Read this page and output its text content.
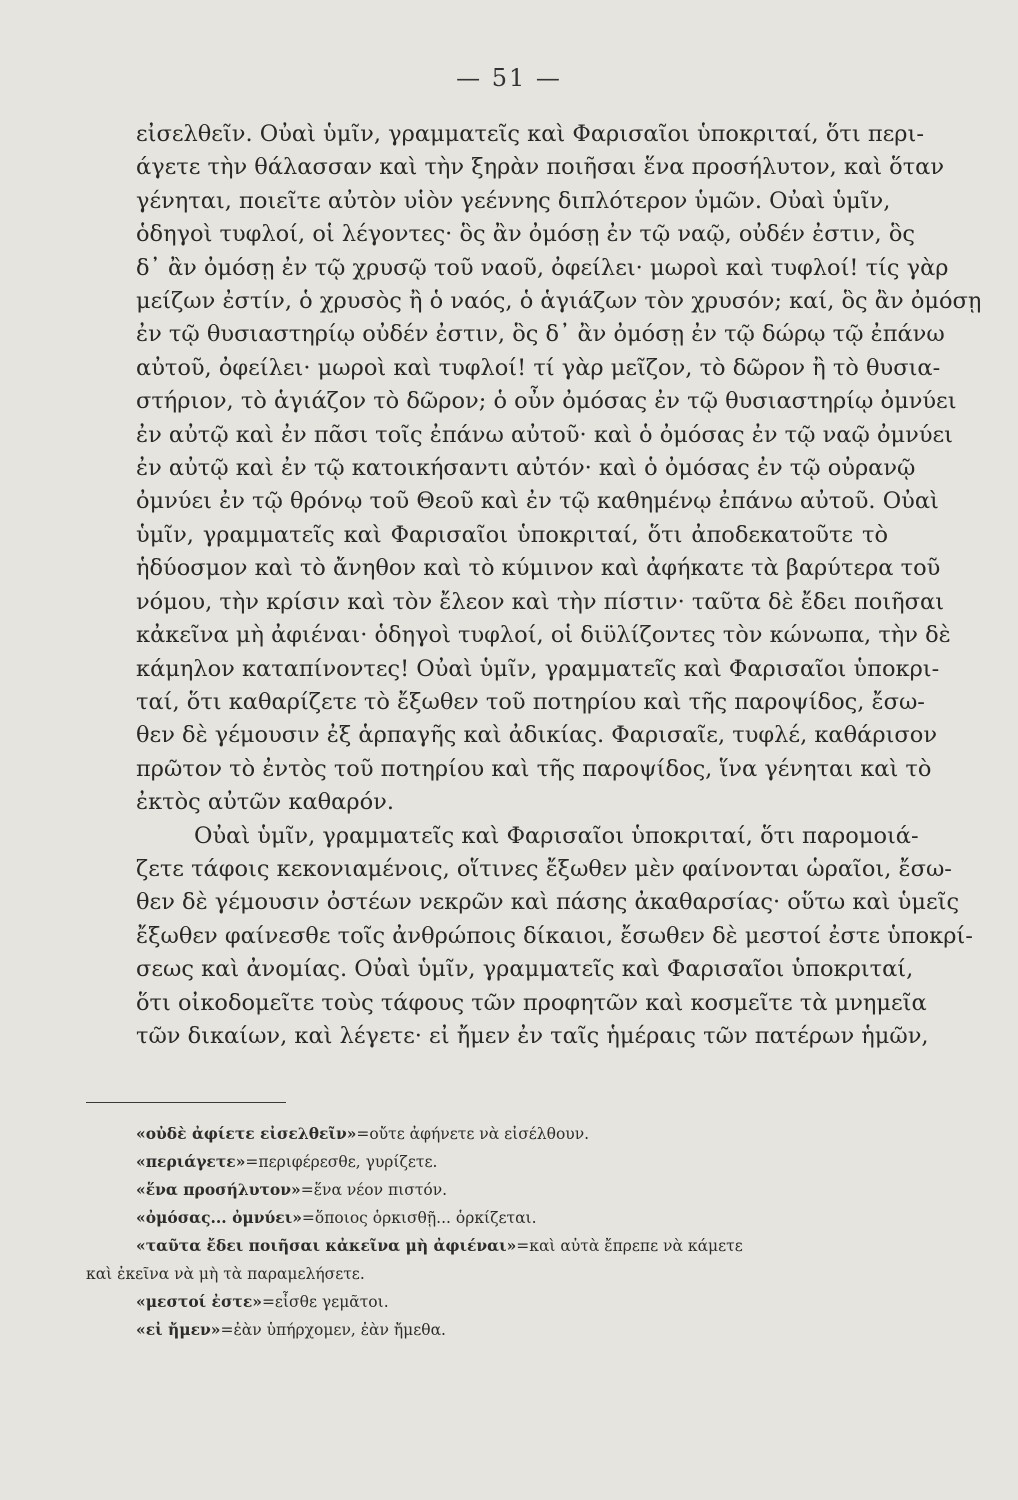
— 51 —
εἰσελθεῖν. Οὐαὶ ὑμῖν, γραμματεῖς καὶ Φαρισαῖοι ὑποκριταί, ὅτι περι-
άγετε τὴν θάλασσαν καὶ τὴν ξηρὰν ποιῆσαι ἕνα προσήλυτον, καὶ ὅταν
γένηται, ποιεῖτε αὐτὸν υἱὸν γεέννης διπλότερον ὑμῶν. Οὐαὶ ὑμῖν,
ὁδηγοὶ τυφλοί, οἱ λέγοντες· ὃς ἂν ὀμόσῃ ἐν τῷ ναῷ, οὐδέν ἐστιν, ὃς
δ᾽ ἂν ὀμόσῃ ἐν τῷ χρυσῷ τοῦ ναοῦ, ὀφείλει· μωροὶ καὶ τυφλοί! τίς γὰρ
μείζων ἐστίν, ὁ χρυσὸς ἢ ὁ ναός, ὁ ἁγιάζων τὸν χρυσόν; καί, ὃς ἂν ὀμόσῃ
ἐν τῷ θυσιαστηρίῳ οὐδέν ἐστιν, ὃς δ᾽ ἂν ὀμόσῃ ἐν τῷ δώρῳ τῷ ἐπάνω
αὐτοῦ, ὀφείλει· μωροὶ καὶ τυφλοί! τί γὰρ μεῖζον, τὸ δῶρον ἢ τὸ θυσια-
στήριον, τὸ ἁγιάζον τὸ δῶρον; ὁ οὖν ὀμόσας ἐν τῷ θυσιαστηρίῳ ὀμνύει
ἐν αὐτῷ καὶ ἐν πᾶσι τοῖς ἐπάνω αὐτοῦ· καὶ ὁ ὀμόσας ἐν τῷ ναῷ ὀμνύει
ἐν αὐτῷ καὶ ἐν τῷ κατοικήσαντι αὐτόν· καὶ ὁ ὀμόσας ἐν τῷ οὐρανῷ
ὀμνύει ἐν τῷ θρόνῳ τοῦ Θεοῦ καὶ ἐν τῷ καθημένῳ ἐπάνω αὐτοῦ. Οὐαὶ
ὑμῖν, γραμματεῖς καὶ Φαρισαῖοι ὑποκριταί, ὅτι ἀποδεκατοῦτε τὸ
ἡδύοσμον καὶ τὸ ἄνηθον καὶ τὸ κύμινον καὶ ἀφήκατε τὰ βαρύτερα τοῦ
νόμου, τὴν κρίσιν καὶ τὸν ἔλεον καὶ τὴν πίστιν· ταῦτα δὲ ἔδει ποιῆσαι
κἀκεῖνα μὴ ἀφιέναι· ὁδηγοὶ τυφλοί, οἱ διϋλίζοντες τὸν κώνωπα, τὴν δὲ
κάμηλον καταπίνοντες! Οὐαὶ ὑμῖν, γραμματεῖς καὶ Φαρισαῖοι ὑποκρι-
ταί, ὅτι καθαρίζετε τὸ ἔξωθεν τοῦ ποτηρίου καὶ τῆς παροψίδος, ἔσω-
θεν δὲ γέμουσιν ἐξ ἁρπαγῆς καὶ ἀδικίας. Φαρισαῖε, τυφλέ, καθάρισον
πρῶτον τὸ ἐντὸς τοῦ ποτηρίου καὶ τῆς παροψίδος, ἵνα γένηται καὶ τὸ
ἐκτὸς αὐτῶν καθαρόν.
Οὐαὶ ὑμῖν, γραμματεῖς καὶ Φαρισαῖοι ὑποκριταί, ὅτι παρομοιά-
ζετε τάφοις κεκονιαμένοις, οἵτινες ἔξωθεν μὲν φαίνονται ὡραῖοι, ἔσω-
θεν δὲ γέμουσιν ὀστέων νεκρῶν καὶ πάσης ἀκαθαρσίας· οὕτω καὶ ὑμεῖς
ἔξωθεν φαίνεσθε τοῖς ἀνθρώποις δίκαιοι, ἔσωθεν δὲ μεστοί ἐστε ὑποκρί-
σεως καὶ ἀνομίας. Οὐαὶ ὑμῖν, γραμματεῖς καὶ Φαρισαῖοι ὑποκριταί,
ὅτι οἰκοδομεῖτε τοὺς τάφους τῶν προφητῶν καὶ κοσμεῖτε τὰ μνημεῖα
τῶν δικαίων, καὶ λέγετε· εἰ ἤμεν ἐν ταῖς ἡμέραις τῶν πατέρων ἡμῶν,
«οὐδὲ ἀφίετε εἰσελθεῖν»=οὔτε ἀφήνετε νὰ εἰσέλθουν.
«περιάγετε»=περιφέρεσθε, γυρίζετε.
«ἕνα προσήλυτον»=ἕνα νέον πιστόν.
«ὀμόσας... ὀμνύει»=ὅποιος ὁρκισθῇ... ὁρκίζεται.
«ταῦτα ἔδει ποιῆσαι κἀκεῖνα μὴ ἀφιέναι»=καὶ αὐτὰ ἔπρεπε νὰ κάμετε
καὶ ἐκεῖνα νὰ μὴ τὰ παραμελήσετε.
«μεστοί ἐστε»=εἶσθε γεμᾶτοι.
«εἰ ἤμεν»=ἐὰν ὑπήρχομεν, ἐὰν ἤμεθα.
